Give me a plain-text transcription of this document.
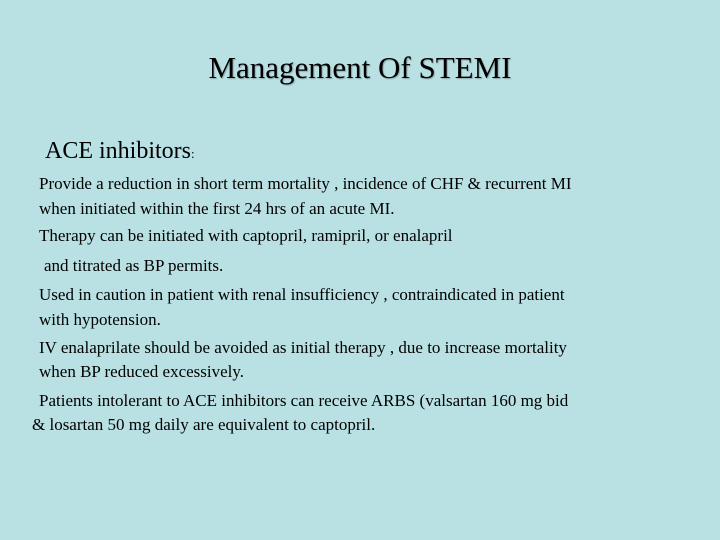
Management Of STEMI
ACE inhibitors:
Provide a reduction in short term mortality , incidence of CHF & recurrent MI
when initiated within the first 24 hrs of an acute MI.
Therapy can be initiated with captopril, ramipril, or enalapril
and titrated as BP permits.
Used in caution in patient with renal insufficiency , contraindicated in patient
with hypotension.
IV enalaprilate should be avoided as initial therapy , due to increase mortality
when BP reduced excessively.
Patients intolerant to ACE inhibitors can receive ARBS (valsartan 160 mg bid
& losartan 50 mg daily are equivalent to captopril.
